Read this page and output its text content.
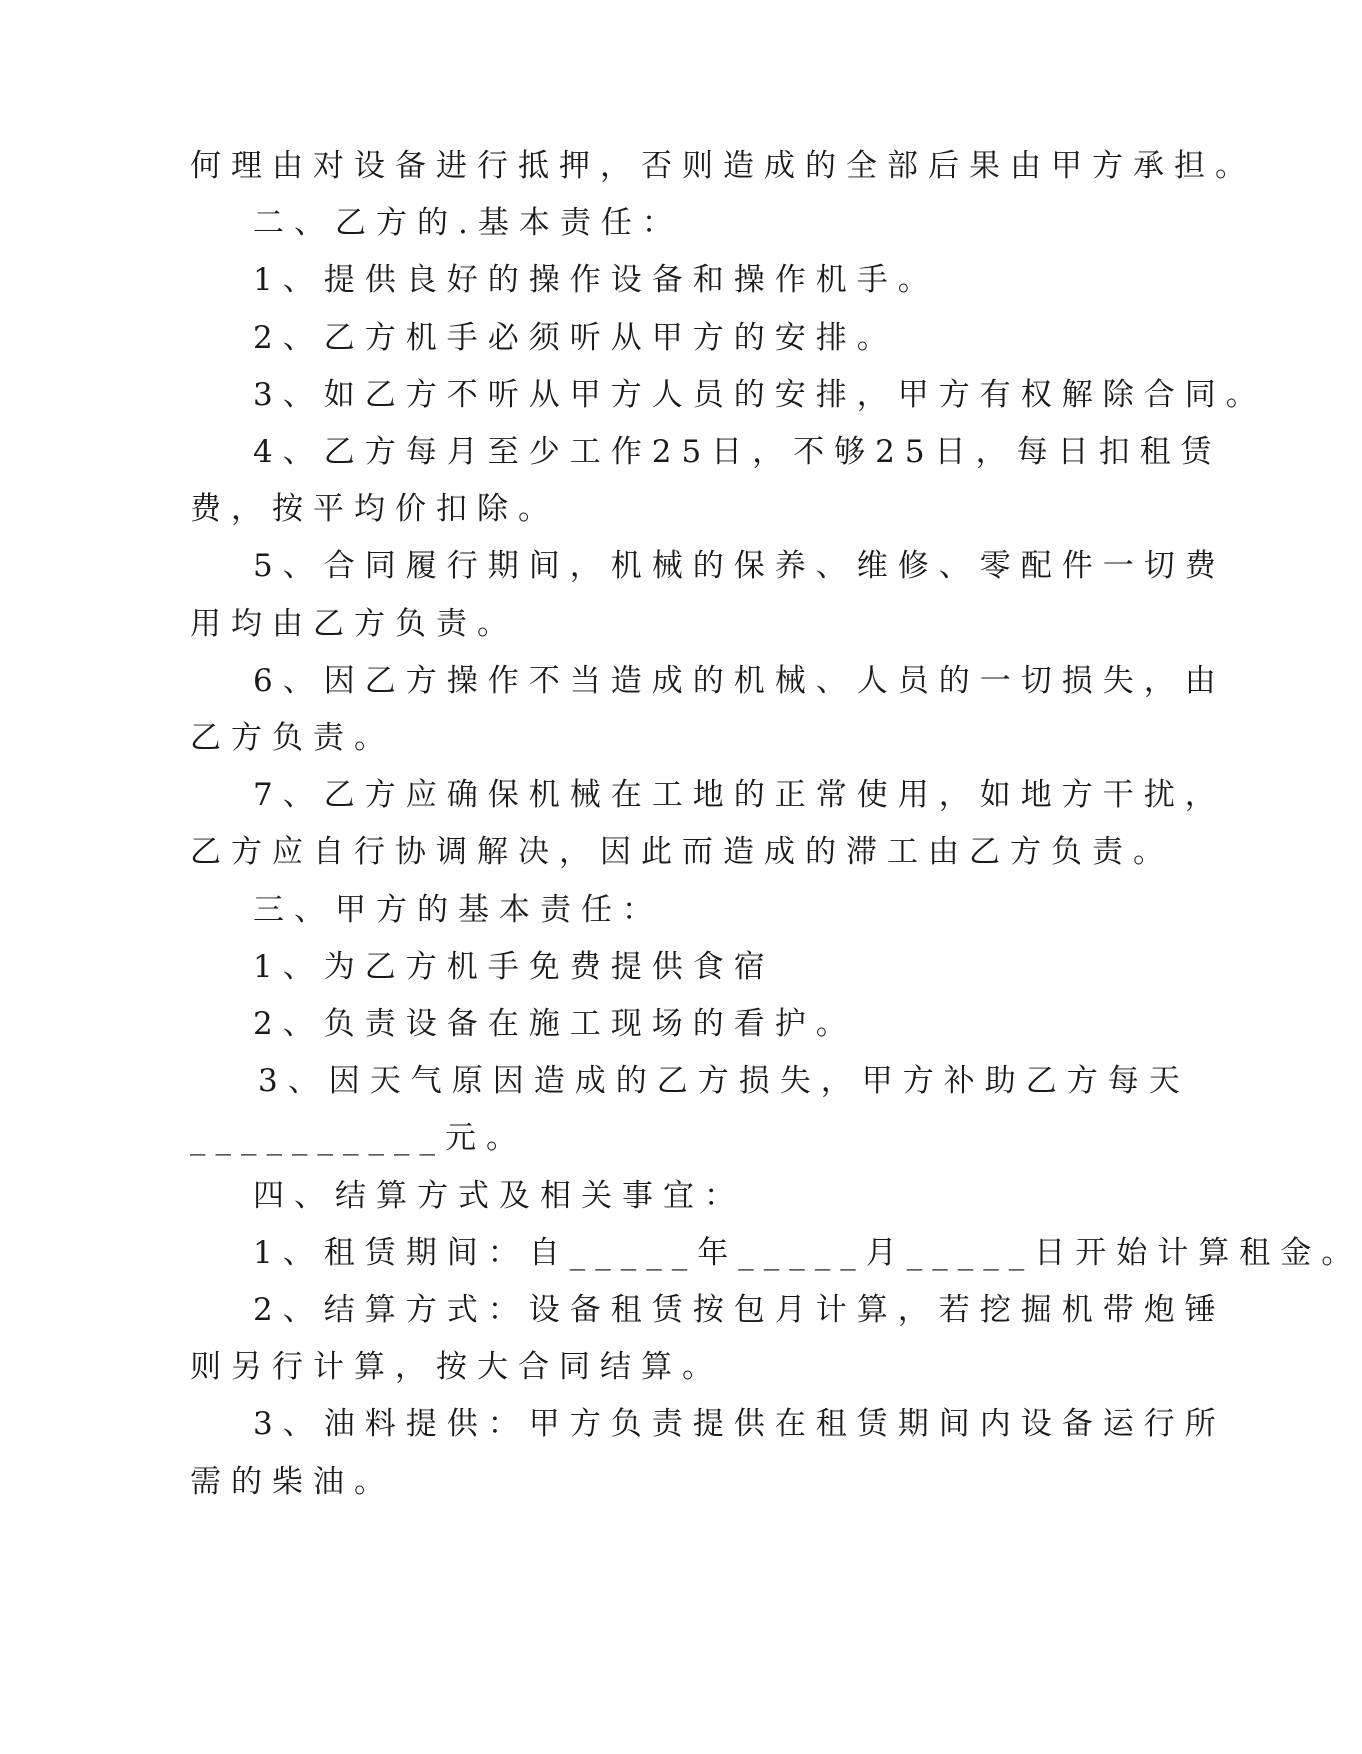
何理由对设备进行抵押，否则造成的全部后果由甲方承担。
二、乙方的.基本责任：
1、提供良好的操作设备和操作机手。
2、乙方机手必须听从甲方的安排。
3、如乙方不听从甲方人员的安排，甲方有权解除合同。
4、乙方每月至少工作25日，不够25日，每日扣租赁
费，按平均价扣除。
5、合同履行期间，机械的保养、维修、零配件一切费
用均由乙方负责。
6、因乙方操作不当造成的机械、人员的一切损失，由
乙方负责。
7、乙方应确保机械在工地的正常使用，如地方干扰，
乙方应自行协调解决，因此而造成的滞工由乙方负责。
三、甲方的基本责任：
1、为乙方机手免费提供食宿
2、负责设备在施工现场的看护。
3、因天气原因造成的乙方损失，甲方补助乙方每天
__________元。
四、结算方式及相关事宜：
1、租赁期间：自_____年_____月_____日开始计算租金。
2、结算方式：设备租赁按包月计算，若挖掘机带炮锤
则另行计算，按大合同结算。
3、油料提供：甲方负责提供在租赁期间内设备运行所
需的柴油。
